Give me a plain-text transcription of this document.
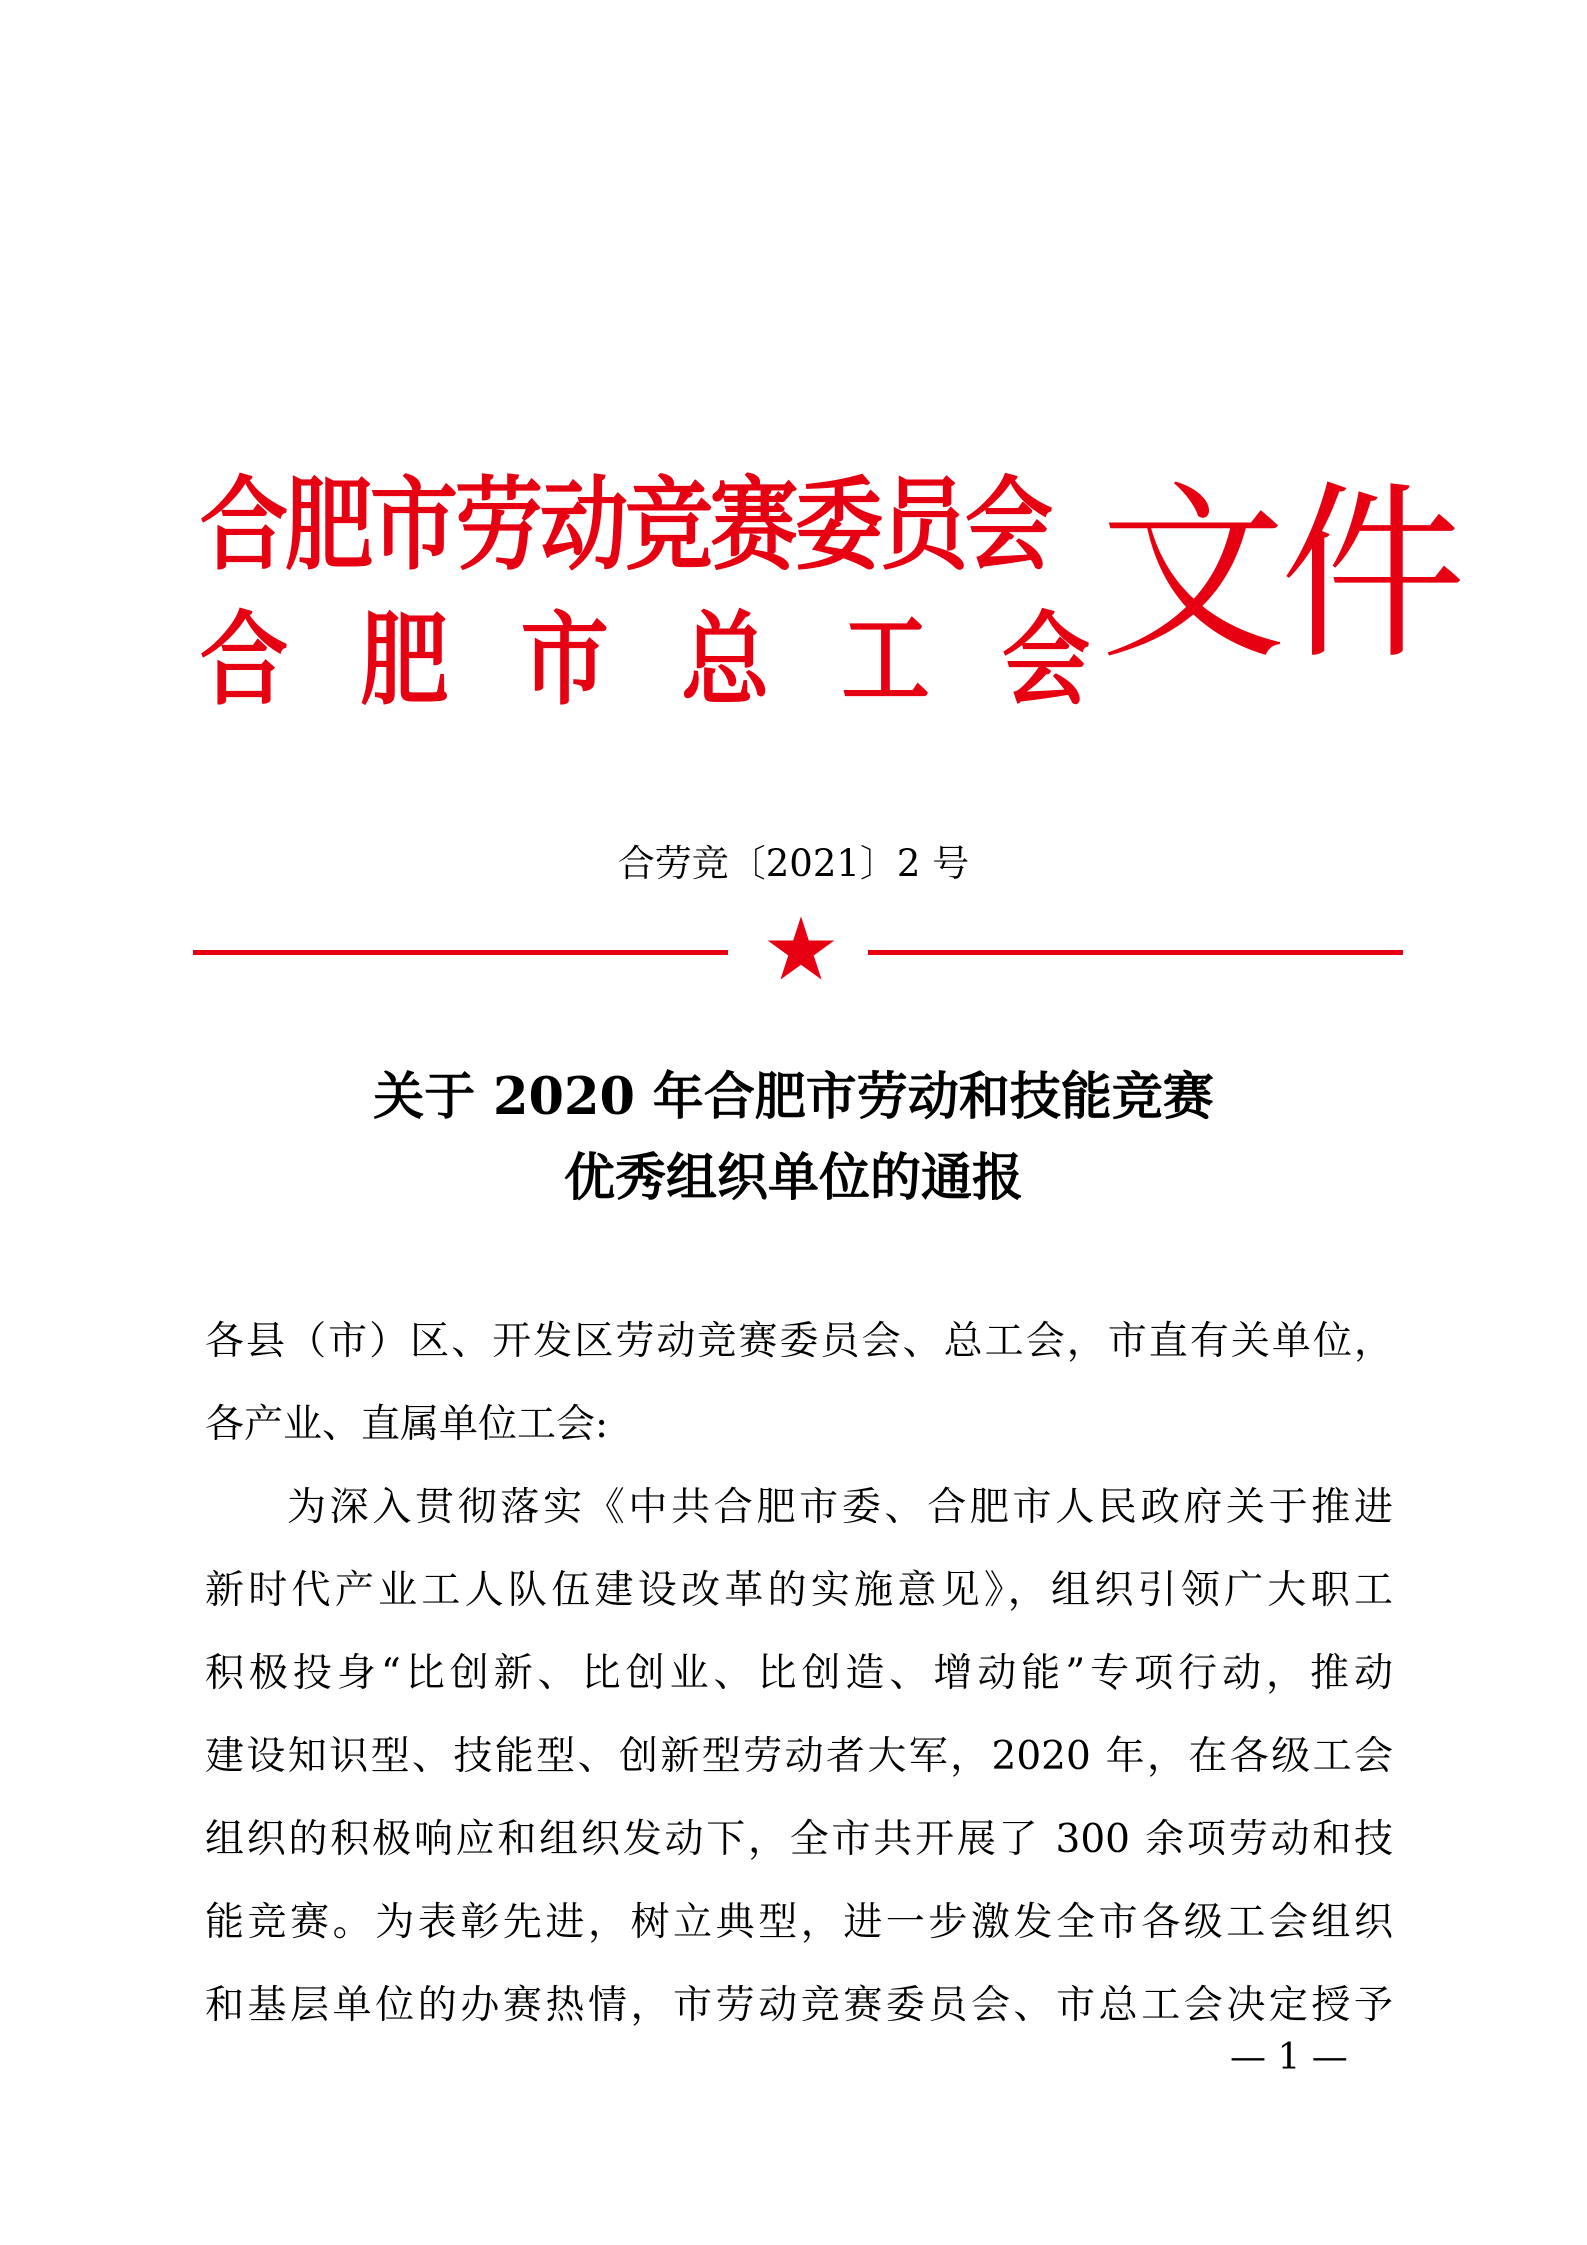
合肥市劳动竞赛委员会
合 肥 市 总 工 会 文件
合劳竞〔2021〕2 号
关于 2020 年合肥市劳动和技能竞赛
优秀组织单位的通报
各县（市）区、开发区劳动竞赛委员会、总工会，市直有关单位，
各产业、直属单位工会:
为深入贯彻落实《中共合肥市委、合肥市人民政府关于推进
新时代产业工人队伍建设改革的实施意见》，组织引领广大职工
积极投身“比创新、比创业、比创造、增动能”专项行动，推动
建设知识型、技能型、创新型劳动者大军，2020 年，在各级工会
组织的积极响应和组织发动下，全市共开展了 300 余项劳动和技
能竞赛。为表彰先进，树立典型，进一步激发全市各级工会组织
和基层单位的办赛热情，市劳动竞赛委员会、市总工会决定授予
— 1 —
